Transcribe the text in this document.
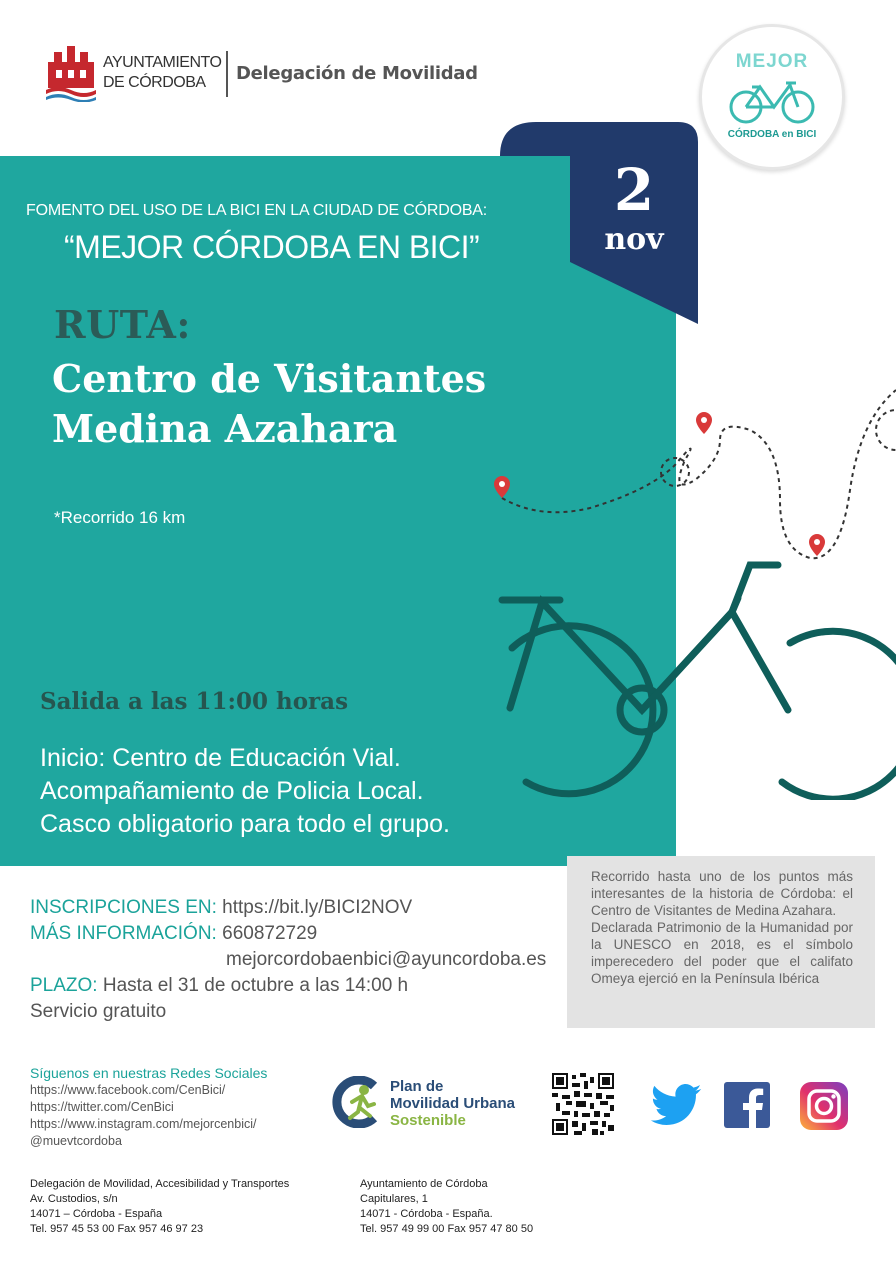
AYUNTAMIENTO
DE CÓRDOBA	Delegación de Movilidad
MEJOR
CÓRDOBA en BICI
2
nov
FOMENTO DEL USO DE LA BICI EN LA CIUDAD DE CÓRDOBA:
“MEJOR CÓRDOBA EN BICI”
RUTA:
Centro de Visitantes
Medina Azahara
*Recorrido 16 km
Salida a las 11:00 horas
Inicio: Centro de Educación Vial.
Acompañamiento de Policia Local.
Casco obligatorio para todo el grupo.
Recorrido hasta uno de los puntos más interesantes de la historia de Córdoba: el Centro de Visitantes de Medina Azahara.
Declarada Patrimonio de la Humanidad por la UNESCO en 2018, es el símbolo imperecedero del poder que el califato Omeya ejerció en la Península Ibérica
INSCRIPCIONES EN: https://bit.ly/BICI2NOV
MÁS INFORMACIÓN: 660872729
mejorcordobaenbici@ayuncordoba.es
PLAZO: Hasta el 31 de octubre a las 14:00 h
Servicio gratuito
Síguenos en nuestras Redes Sociales
https://www.facebook.com/CenBici/
https://twitter.com/CenBici
https://www.instagram.com/mejorcenbici/
@muevtcordoba
Plan de
Movilidad Urbana
Sostenible
Delegación de Movilidad, Accesibilidad y Transportes
Av. Custodios, s/n
14071 – Córdoba - España
Tel. 957 45 53 00 Fax 957 46 97 23
Ayuntamiento de Córdoba
Capitulares, 1
14071 - Córdoba - España.
Tel. 957 49 99 00 Fax 957 47 80 50
